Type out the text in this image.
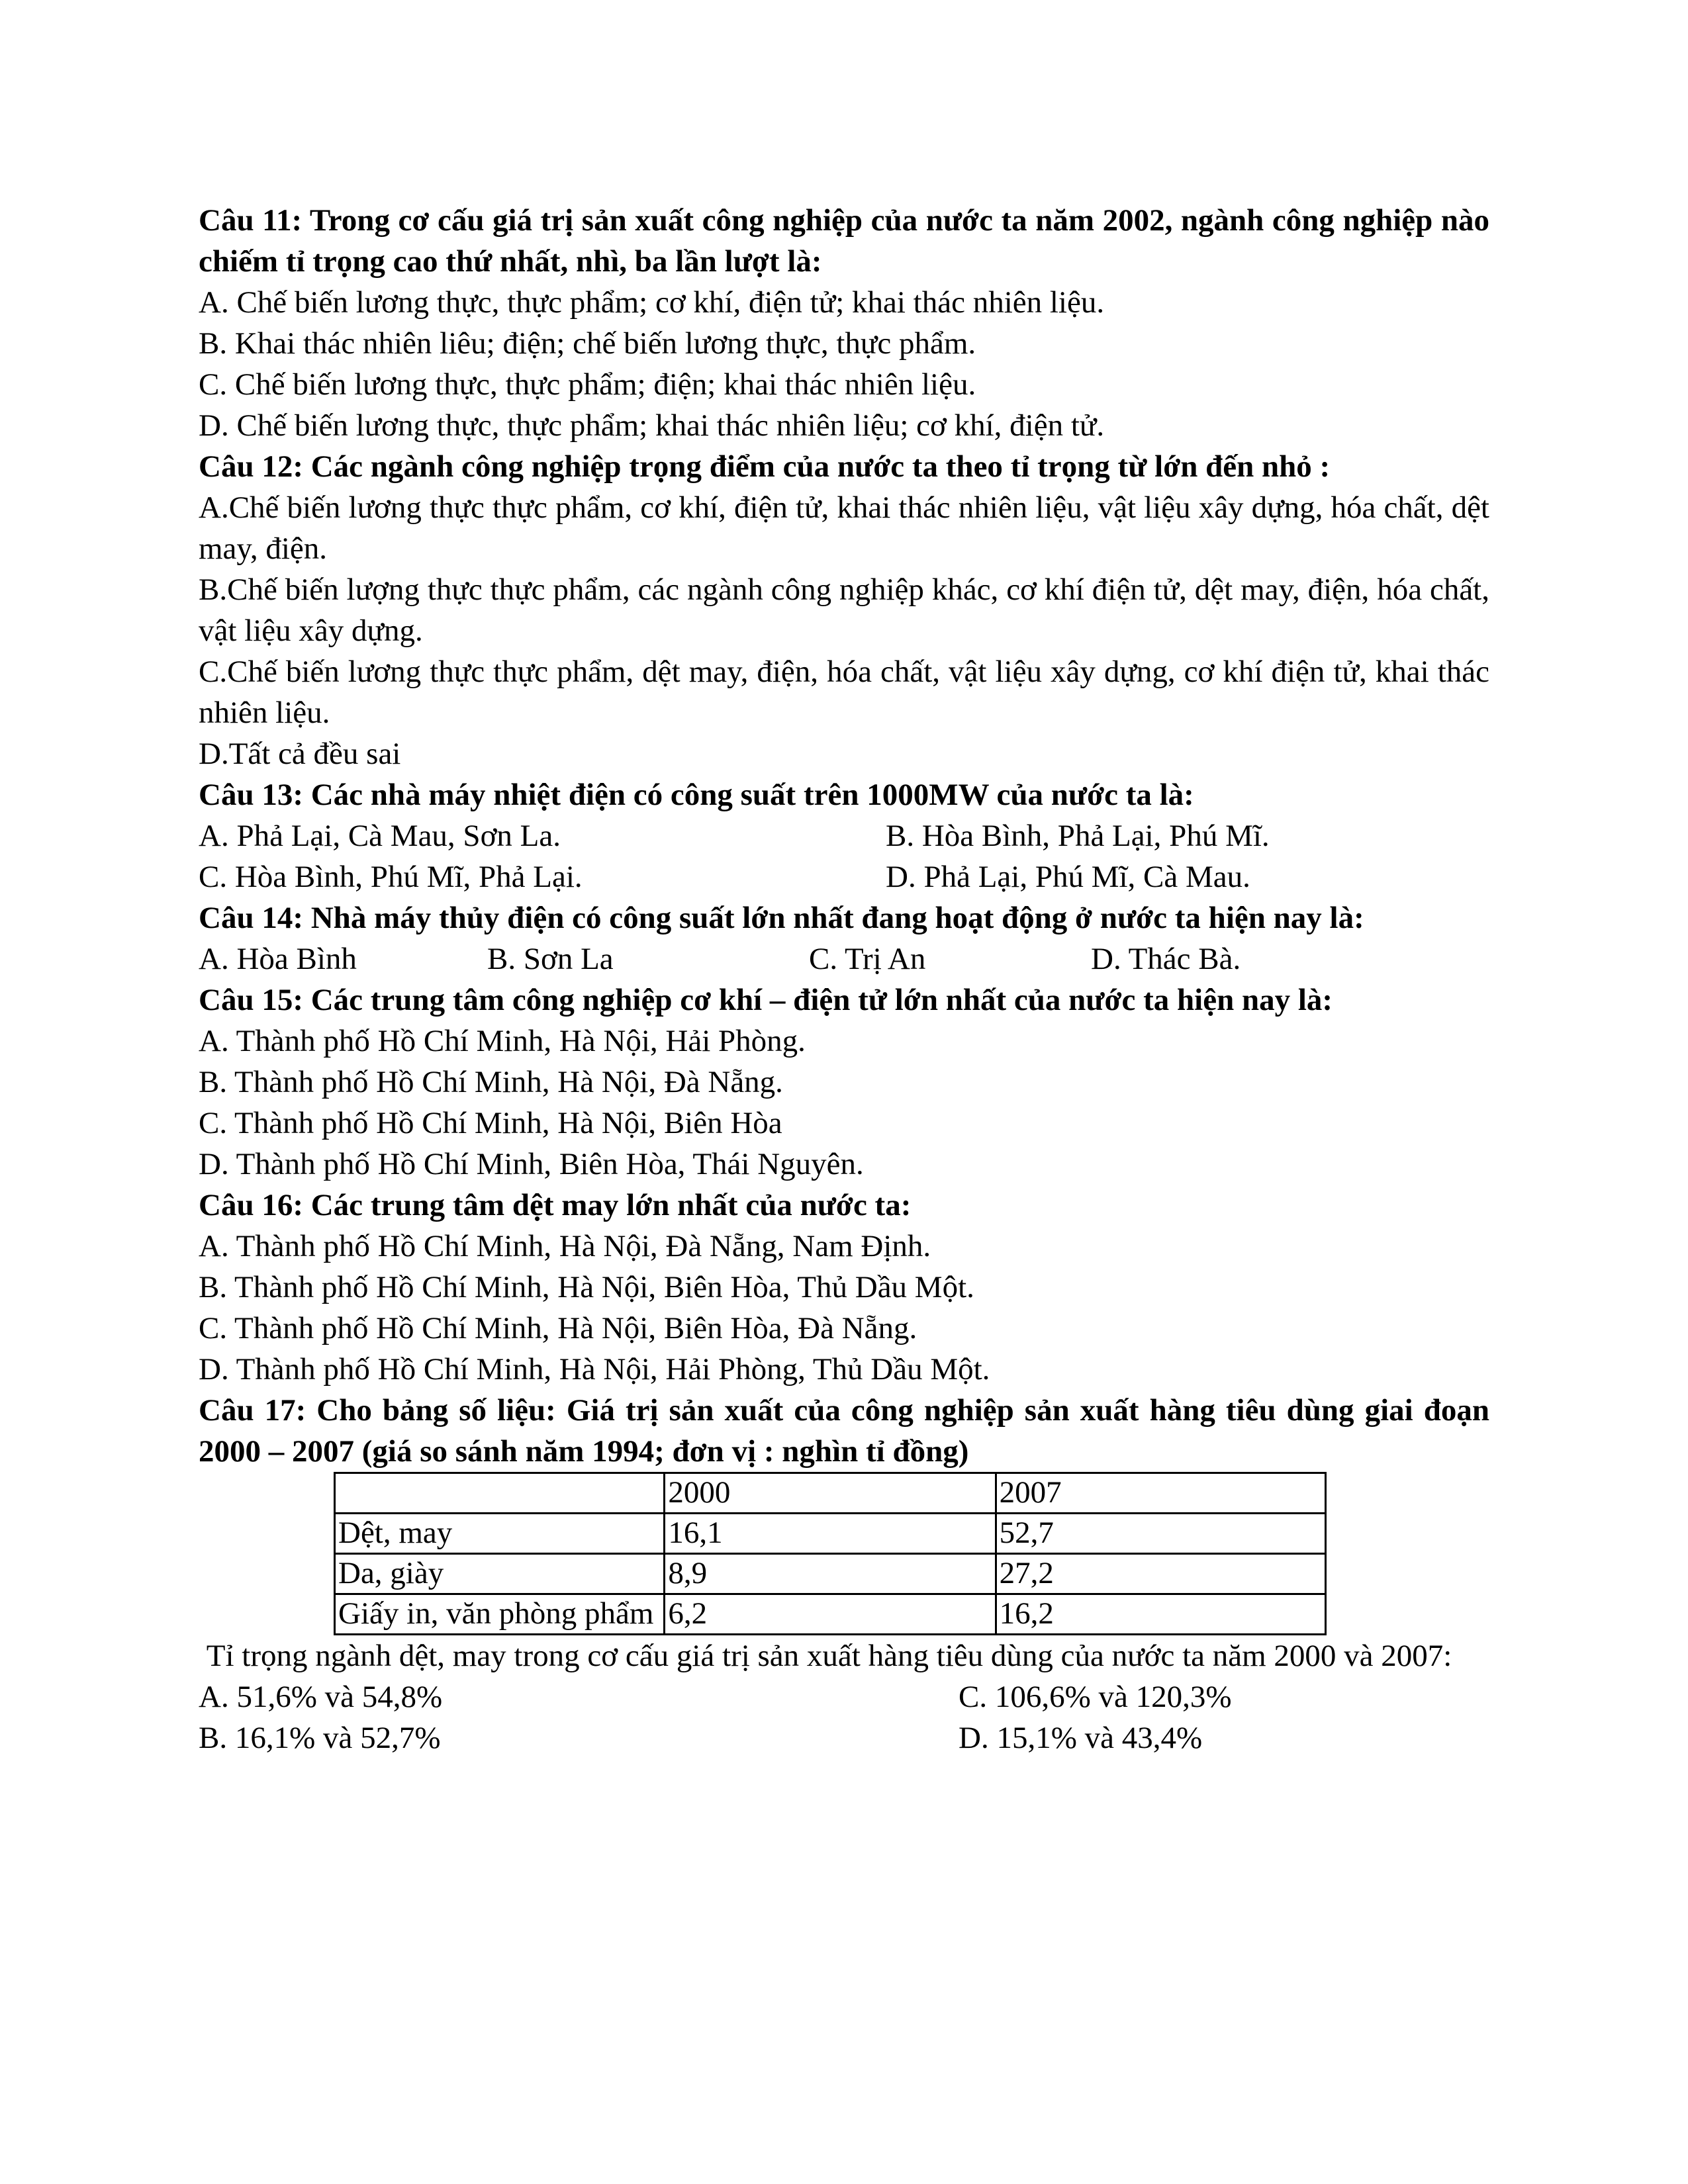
Câu 11: Trong cơ cấu giá trị sản xuất công nghiệp của nước ta năm 2002, ngành công nghiệp nào chiếm tỉ trọng cao thứ nhất, nhì, ba lần lượt là:
A. Chế biến lương thực, thực phẩm; cơ khí, điện tử; khai thác nhiên liệu.
B. Khai thác nhiên liêu; điện; chế biến lương thực, thực phẩm.
C. Chế biến lương thực, thực phẩm; điện; khai thác nhiên liệu.
D. Chế biến lương thực, thực phẩm; khai thác nhiên liệu; cơ khí, điện tử.
Câu 12: Các ngành công nghiệp trọng điểm của nước ta theo tỉ trọng từ lớn đến nhỏ :
A.Chế biến lương thực thực phẩm, cơ khí, điện tử, khai thác nhiên liệu, vật liệu xây dựng, hóa chất, dệt may, điện.
B.Chế biến lượng thực thực phẩm, các ngành công nghiệp khác, cơ khí điện tử, dệt may, điện, hóa chất, vật liệu xây dựng.
C.Chế biến lương thực thực phẩm, dệt may, điện, hóa chất, vật liệu xây dựng, cơ khí điện tử, khai thác nhiên liệu.
D.Tất cả đều sai
Câu 13: Các nhà máy nhiệt điện có công suất trên 1000MW của nước ta là:
A. Phả Lại, Cà Mau, Sơn La.	B. Hòa Bình, Phả Lại, Phú Mĩ.
C. Hòa Bình, Phú Mĩ, Phả Lại.	D. Phả Lại, Phú Mĩ, Cà Mau.
Câu 14: Nhà máy thủy điện có công suất lớn nhất đang hoạt động ở nước ta hiện nay là:
A. Hòa Bình	B. Sơn La	C. Trị An	D. Thác Bà.
Câu 15: Các trung tâm công nghiệp cơ khí – điện tử lớn nhất của nước ta hiện nay là:
A. Thành phố Hồ Chí Minh, Hà Nội, Hải Phòng.
B. Thành phố Hồ Chí Minh, Hà Nội, Đà Nẵng.
C. Thành phố Hồ Chí Minh, Hà Nội, Biên Hòa
D. Thành phố Hồ Chí Minh, Biên Hòa, Thái Nguyên.
Câu 16: Các trung tâm dệt may lớn nhất của nước ta:
A. Thành phố Hồ Chí Minh, Hà Nội, Đà Nẵng, Nam Định.
B. Thành phố Hồ Chí Minh, Hà Nội, Biên Hòa, Thủ Dầu Một.
C. Thành phố Hồ Chí Minh, Hà Nội, Biên Hòa, Đà Nẵng.
D. Thành phố Hồ Chí Minh, Hà Nội, Hải Phòng, Thủ Dầu Một.
Câu 17: Cho bảng số liệu: Giá trị sản xuất của công nghiệp sản xuất hàng tiêu dùng giai đoạn 2000 – 2007 (giá so sánh năm 1994; đơn vị : nghìn tỉ đồng)
	2000	2007
Dệt, may	16,1	52,7
Da, giày	8,9	27,2
Giấy in, văn phòng phẩm	6,2	16,2
Tỉ trọng ngành dệt, may trong cơ cấu giá trị sản xuất hàng tiêu dùng của nước ta năm 2000 và 2007:
A. 51,6% và 54,8%	C. 106,6% và 120,3%
B. 16,1% và 52,7%	D. 15,1% và 43,4%
